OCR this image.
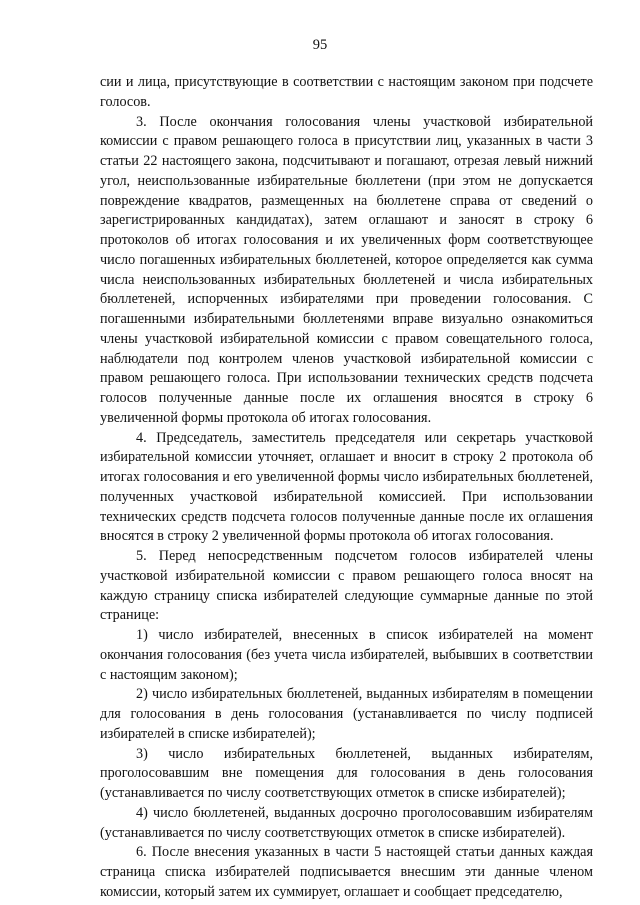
95

сии и лица, присутствующие в соответствии с настоящим законом при подсчете голосов.

3. После окончания голосования члены участковой избирательной комиссии с правом решающего голоса в присутствии лиц, указанных в части 3 статьи 22 настоящего закона, подсчитывают и погашают, отрезая левый нижний угол, неиспользованные избирательные бюллетени (при этом не допускается повреждение квадратов, размещенных на бюллетене справа от сведений о зарегистрированных кандидатах), затем оглашают и заносят в строку 6 протоколов об итогах голосования и их увеличенных форм соответствующее число погашенных избирательных бюллетеней, которое определяется как сумма числа неиспользованных избирательных бюллетеней и числа избирательных бюллетеней, испорченных избирателями при проведении голосования. С погашенными избирательными бюллетенями вправе визуально ознакомиться члены участковой избирательной комиссии с правом совещательного голоса, наблюдатели под контролем членов участковой избирательной комиссии с правом решающего голоса. При использовании технических средств подсчета голосов полученные данные после их оглашения вносятся в строку 6 увеличенной формы протокола об итогах голосования.

4. Председатель, заместитель председателя или секретарь участковой избирательной комиссии уточняет, оглашает и вносит в строку 2 протокола об итогах голосования и его увеличенной формы число избирательных бюллетеней, полученных участковой избирательной комиссией. При использовании технических средств подсчета голосов полученные данные после их оглашения вносятся в строку 2 увеличенной формы протокола об итогах голосования.

5. Перед непосредственным подсчетом голосов избирателей члены участковой избирательной комиссии с правом решающего голоса вносят на каждую страницу списка избирателей следующие суммарные данные по этой странице:

1) число избирателей, внесенных в список избирателей на момент окончания голосования (без учета числа избирателей, выбывших в соответствии с настоящим законом);

2) число избирательных бюллетеней, выданных избирателям в помещении для голосования в день голосования (устанавливается по числу подписей избирателей в списке избирателей);

3) число избирательных бюллетеней, выданных избирателям, проголосовавшим вне помещения для голосования в день голосования (устанавливается по числу соответствующих отметок в списке избирателей);

4) число бюллетеней, выданных досрочно проголосовавшим избирателям (устанавливается по числу соответствующих отметок в списке избирателей).

6. После внесения указанных в части 5 настоящей статьи данных каждая страница списка избирателей подписывается внесшим эти данные членом комиссии, который затем их суммирует, оглашает и сообщает председателю,
